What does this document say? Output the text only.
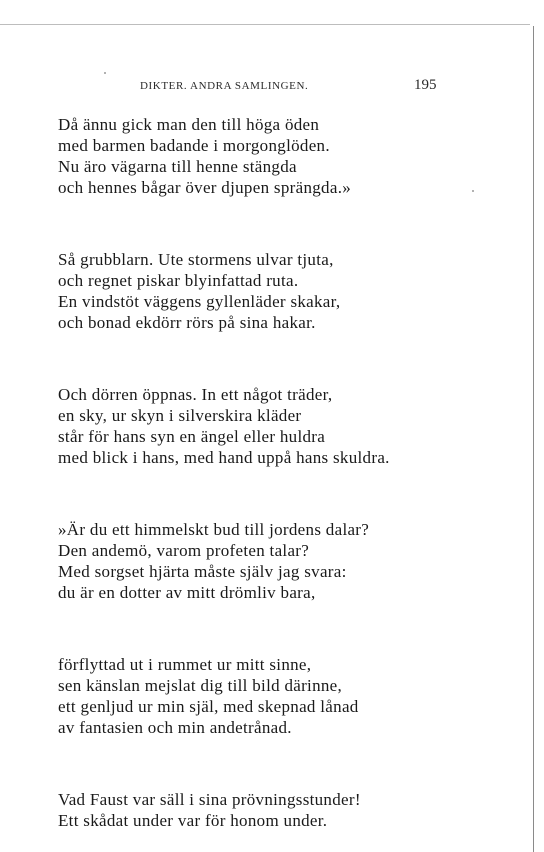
DIKTER. ANDRA SAMLINGEN.	195
Då ännu gick man den till höga öden
med barmen badande i morgonglöden.
Nu äro vägarna till henne stängda
och hennes bågar över djupen sprängda.»
Så grubblarn. Ute stormens ulvar tjuta,
och regnet piskar blyinfattad ruta.
En vindstöt väggens gyllenläder skakar,
och bonad ekdörr rörs på sina hakar.
Och dörren öppnas. In ett något träder,
en sky, ur skyn i silverskira kläder
står för hans syn en ängel eller huldra
med blick i hans, med hand uppå hans skuldra.
»Är du ett himmelskt bud till jordens dalar?
Den andemö, varom profeten talar?
Med sorgset hjärta måste själv jag svara:
du är en dotter av mitt drömliv bara,
förflyttad ut i rummet ur mitt sinne,
sen känslan mejslat dig till bild därinne,
ett genljud ur min själ, med skepnad lånad
av fantasien och min andetrånad.
Vad Faust var säll i sina prövningsstunder!
Ett skådat under var för honom under.
